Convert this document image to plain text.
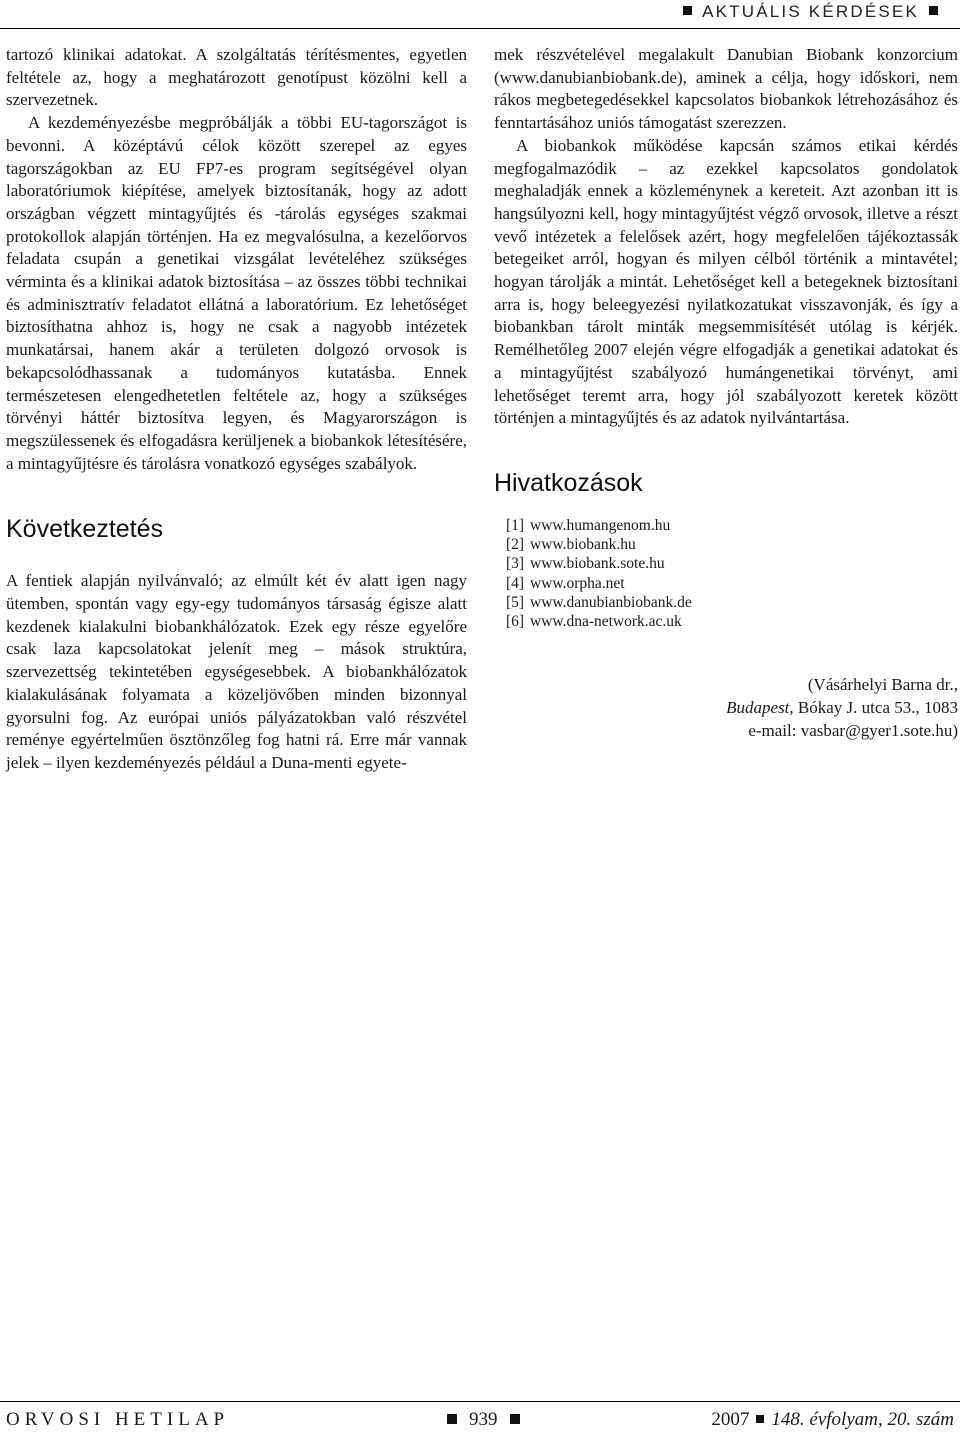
AKTUÁLIS KÉRDÉSEK

tartozó klinikai adatokat. A szolgáltatás térítésmentes, egyetlen feltétele az, hogy a meghatározott genotípust közölni kell a szervezetnek.

A kezdeményezésbe megpróbálják a többi EU-tagországot is bevonni. A középtávú célok között szerepel az egyes tagországokban az EU FP7-es program segítségével olyan laboratóriumok kiépítése, amelyek biztosítanák, hogy az adott országban végzett mintagyűjtés és -tárolás egységes szakmai protokollok alapján történjen. Ha ez megvalósulna, a kezelőorvos feladata csupán a genetikai vizsgálat levételéhez szükséges vérminta és a klinikai adatok biztosítása – az összes többi technikai és adminisztratív feladatot ellátná a laboratórium. Ez lehetőséget biztosíthatna ahhoz is, hogy ne csak a nagyobb intézetek munkatársai, hanem akár a területen dolgozó orvosok is bekapcsolódhassanak a tudományos kutatásba. Ennek természetesen elengedhetetlen feltétele az, hogy a szükséges törvényi háttér biztosítva legyen, és Magyarországon is megszülessenek és elfogadásra kerüljenek a biobankok létesítésére, a mintagyűjtésre és tárolásra vonatkozó egységes szabályok.

Következtetés

A fentiek alapján nyilvánvaló; az elmúlt két év alatt igen nagy ütemben, spontán vagy egy-egy tudományos társaság égisze alatt kezdenek kialakulni biobankhálózatok. Ezek egy része egyelőre csak laza kapcsolatokat jelenít meg – mások struktúra, szervezettség tekintetében egységesebbek. A biobankhálózatok kialakulásának folyamata a közeljövőben minden bizonnyal gyorsulni fog. Az európai uniós pályázatokban való részvétel reménye egyértelműen ösztönzőleg fog hatni rá. Erre már vannak jelek – ilyen kezdeményezés például a Duna-menti egyete-

mek részvételével megalakult Danubian Biobank konzorcium (www.danubianbiobank.de), aminek a célja, hogy időskori, nem rákos megbetegedésekkel kapcsolatos biobankok létrehozásához és fenntartásához uniós támogatást szerezzen.

A biobankok működése kapcsán számos etikai kérdés megfogalmazódik – az ezekkel kapcsolatos gondolatok meghaladják ennek a közleménynek a kereteit. Azt azonban itt is hangsúlyozni kell, hogy mintagyűjtést végző orvosok, illetve a részt vevő intézetek a felelősek azért, hogy megfelelően tájékoztassák betegeiket arról, hogyan és milyen célból történik a mintavétel; hogyan tárolják a mintát. Lehetőséget kell a betegeknek biztosítani arra is, hogy beleegyezési nyilatkozatukat visszavonják, és így a biobankban tárolt minták megsemmisítését utólag is kérjék. Remélhetőleg 2007 elején végre elfogadják a genetikai adatokat és a mintagyűjtést szabályozó humángenetikai törvényt, ami lehetőséget teremt arra, hogy jól szabályozott keretek között történjen a mintagyűjtés és az adatok nyilvántartása.

Hivatkozások
[1] www.humangenom.hu
[2] www.biobank.hu
[3] www.biobank.sote.hu
[4] www.orpha.net
[5] www.danubianbiobank.de
[6] www.dna-network.ac.uk
(Vásárhelyi Barna dr.,
Budapest, Bókay J. utca 53., 1083
e-mail: vasbar@gyer1.sote.hu)
ORVOSI HETILAP	939	2007 148. évfolyam, 20. szám
